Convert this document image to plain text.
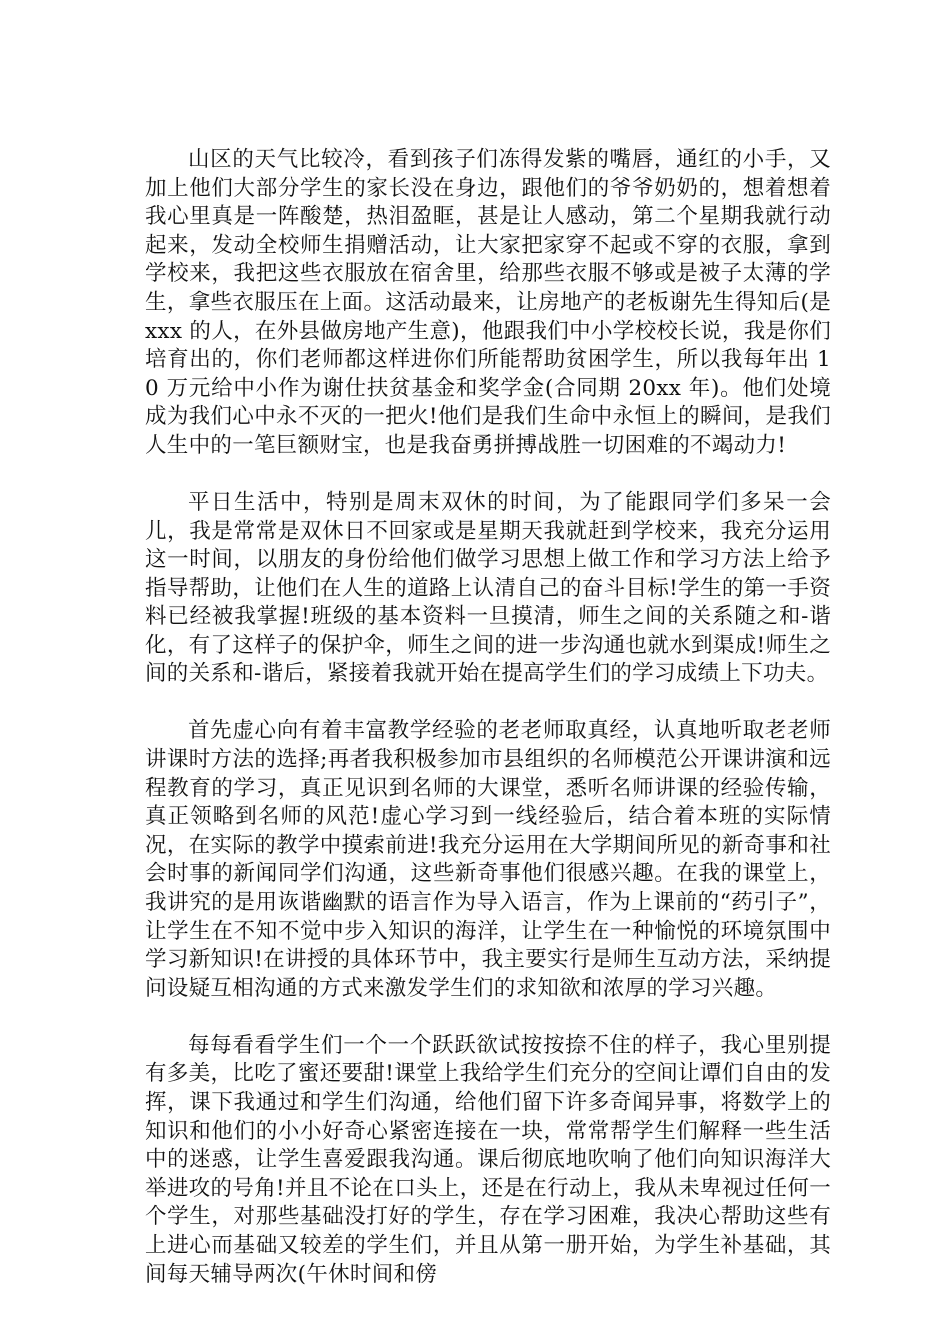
山区的天气比较冷，看到孩子们冻得发紫的嘴唇，通红的小手，又加上他们大部分学生的家长没在身边，跟他们的爷爷奶奶的，想着想着我心里真是一阵酸楚，热泪盈眶，甚是让人感动，第二个星期我就行动起来，发动全校师生捐赠活动，让大家把家穿不起或不穿的衣服，拿到学校来，我把这些衣服放在宿舍里，给那些衣服不够或是被子太薄的学生，拿些衣服压在上面。这活动最来，让房地产的老板谢先生得知后(是 xxx 的人，在外县做房地产生意)，他跟我们中小学校校长说，我是你们培育出的，你们老师都这样进你们所能帮助贫困学生，所以我每年出 10 万元给中小作为谢仕扶贫基金和奖学金(合同期 20xx 年)。他们处境成为我们心中永不灭的一把火!他们是我们生命中永恒上的瞬间，是我们人生中的一笔巨额财宝，也是我奋勇拼搏战胜一切困难的不竭动力!

平日生活中，特别是周末双休的时间，为了能跟同学们多呆一会儿，我是常常是双休日不回家或是星期天我就赶到学校来，我充分运用这一时间，以朋友的身份给他们做学习思想上做工作和学习方法上给予指导帮助，让他们在人生的道路上认清自己的奋斗目标!学生的第一手资料已经被我掌握!班级的基本资料一旦摸清，师生之间的关系随之和-谐化，有了这样子的保护伞，师生之间的进一步沟通也就水到渠成!师生之间的关系和-谐后，紧接着我就开始在提高学生们的学习成绩上下功夫。

首先虚心向有着丰富教学经验的老老师取真经，认真地听取老老师讲课时方法的选择;再者我积极参加市县组织的名师模范公开课讲演和远程教育的学习，真正见识到名师的大课堂，悉听名师讲课的经验传输，真正领略到名师的风范!虚心学习到一线经验后，结合着本班的实际情况，在实际的教学中摸索前进!我充分运用在大学期间所见的新奇事和社会时事的新闻同学们沟通，这些新奇事他们很感兴趣。在我的课堂上，我讲究的是用诙谐幽默的语言作为导入语言，作为上课前的“药引子”，让学生在不知不觉中步入知识的海洋，让学生在一种愉悦的环境氛围中学习新知识!在讲授的具体环节中，我主要实行是师生互动方法，采纳提问设疑互相沟通的方式来激发学生们的求知欲和浓厚的学习兴趣。

每每看看学生们一个一个跃跃欲试按按捺不住的样子，我心里别提有多美，比吃了蜜还要甜!课堂上我给学生们充分的空间让谭们自由的发挥，课下我通过和学生们沟通，给他们留下许多奇闻异事，将数学上的知识和他们的小小好奇心紧密连接在一块，常常帮学生们解释一些生活中的迷惑，让学生喜爱跟我沟通。课后彻底地吹响了他们向知识海洋大举进攻的号角!并且不论在口头上，还是在行动上，我从未卑视过任何一个学生，对那些基础没打好的学生，存在学习困难，我决心帮助这些有上进心而基础又较差的学生们，并且从第一册开始，为学生补基础，其间每天辅导两次(午休时间和傍
